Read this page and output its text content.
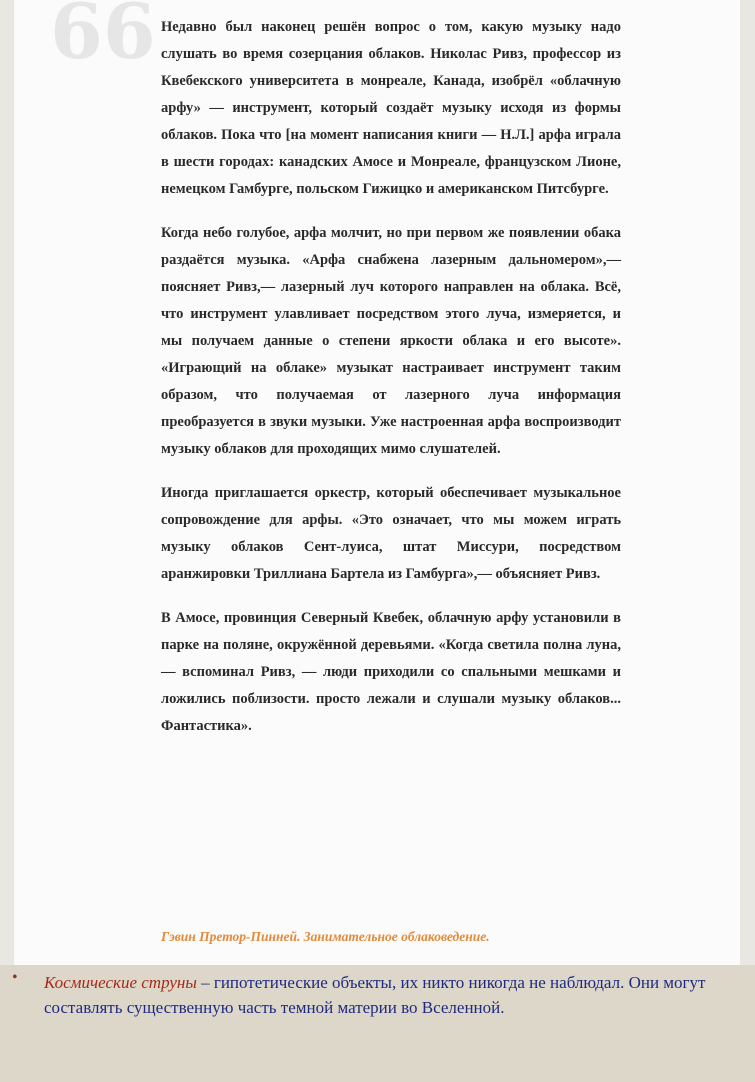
66 Недавно был наконец решён вопрос о том, какую музыку надо слушать во время созерцания облаков. Николас Ривз, профессор из Квебекского университета в монреале, Канада, изобрёл «облачную арфу» — инструмент, который создаёт музыку исходя из формы облаков. Пока что [на момент написания книги — Н.Л.] арфа играла в шести городах: канадских Амосе и Монреале, французском Лионе, немецком Гамбурге, польском Гижицко и американском Питсбурге.

Когда небо голубое, арфа молчит, но при первом же появлении обака раздаётся музыка. «Арфа снабжена лазерным дальномером»,— поясняет Ривз,— лазерный луч которого направлен на облака. Всё, что инструмент улавливает посредством этого луча, измеряется, и мы получаем данные о степени яркости облака и его высоте». «Играющий на облаке» музыкат настраивает инструмент таким образом, что получаемая от лазерного луча информация преобразуется в звуки музыки. Уже настроенная арфа воспроизводит музыку облаков для проходящих мимо слушателей.

Иногда приглашается оркестр, который обеспечивает музыкальное сопровождение для арфы. «Это означает, что мы можем играть музыку облаков Сент-луиса, штат Миссури, посредством аранжировки Триллиана Бартела из Гамбурга»,— объясняет Ривз.

В Амосе, провинция Северный Квебек, облачную арфу установили в парке на поляне, окружённой деревьями. «Когда светила полна луна,— вспоминал Ривз, — люди приходили со спальными мешками и ложились поблизости. просто лежали и слушали музыку облаков... Фантастика».

Гэвин Претор-Пинней. Занимательное облаковедение.
• Космические струны – гипотетические объекты, их никто никогда не наблюдал. Они могут составлять существенную часть темной материи во Вселенной.
